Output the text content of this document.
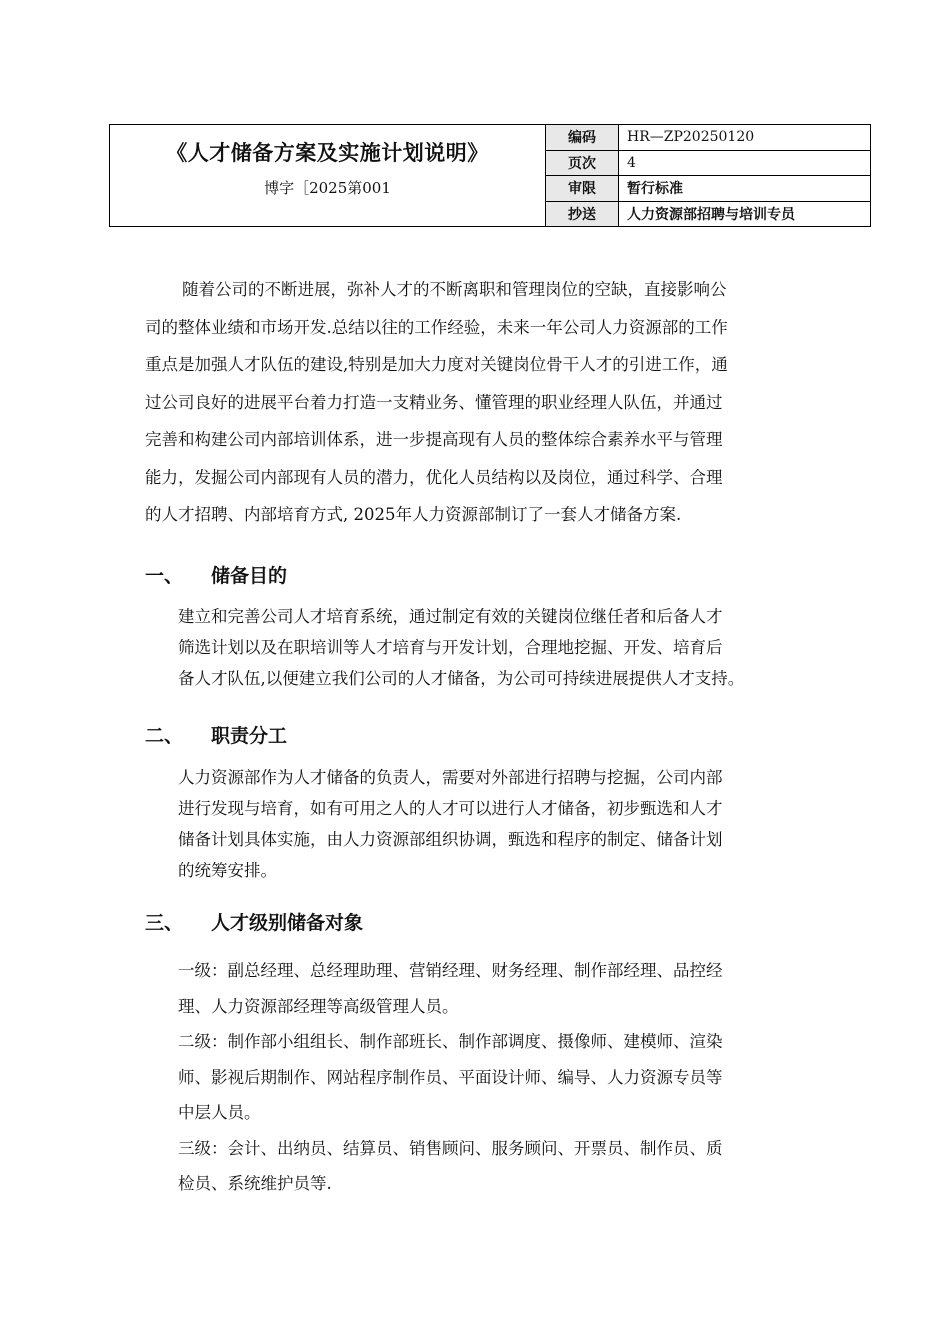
《人才储备方案及实施计划说明》
博字［2025第001
编码	HR—ZP20250120
页次	4
审限	暂行标准
抄送	人力资源部招聘与培训专员
随着公司的不断进展，弥补人才的不断离职和管理岗位的空缺，直接影响公
司的整体业绩和市场开发.总结以往的工作经验，未来一年公司人力资源部的工作
重点是加强人才队伍的建设,特别是加大力度对关键岗位骨干人才的引进工作，通
过公司良好的进展平台着力打造一支精业务、懂管理的职业经理人队伍，并通过
完善和构建公司内部培训体系，进一步提高现有人员的整体综合素养水平与管理
能力，发掘公司内部现有人员的潜力，优化人员结构以及岗位，通过科学、合理
的人才招聘、内部培育方式, 2025年人力资源部制订了一套人才储备方案.
一、 储备目的
建立和完善公司人才培育系统，通过制定有效的关键岗位继任者和后备人才
筛选计划以及在职培训等人才培育与开发计划，合理地挖掘、开发、培育后
备人才队伍,以便建立我们公司的人才储备，为公司可持续进展提供人才支持。
二、 职责分工
人力资源部作为人才储备的负责人，需要对外部进行招聘与挖掘，公司内部
进行发现与培育，如有可用之人的人才可以进行人才储备，初步甄选和人才
储备计划具体实施，由人力资源部组织协调，甄选和程序的制定、储备计划
的统筹安排。
三、 人才级别储备对象
一级：副总经理、总经理助理、营销经理、财务经理、制作部经理、品控经
理、人力资源部经理等高级管理人员。
二级：制作部小组组长、制作部班长、制作部调度、摄像师、建模师、渲染
师、影视后期制作、网站程序制作员、平面设计师、编导、人力资源专员等
中层人员。
三级：会计、出纳员、结算员、销售顾问、服务顾问、开票员、制作员、质
检员、系统维护员等.
